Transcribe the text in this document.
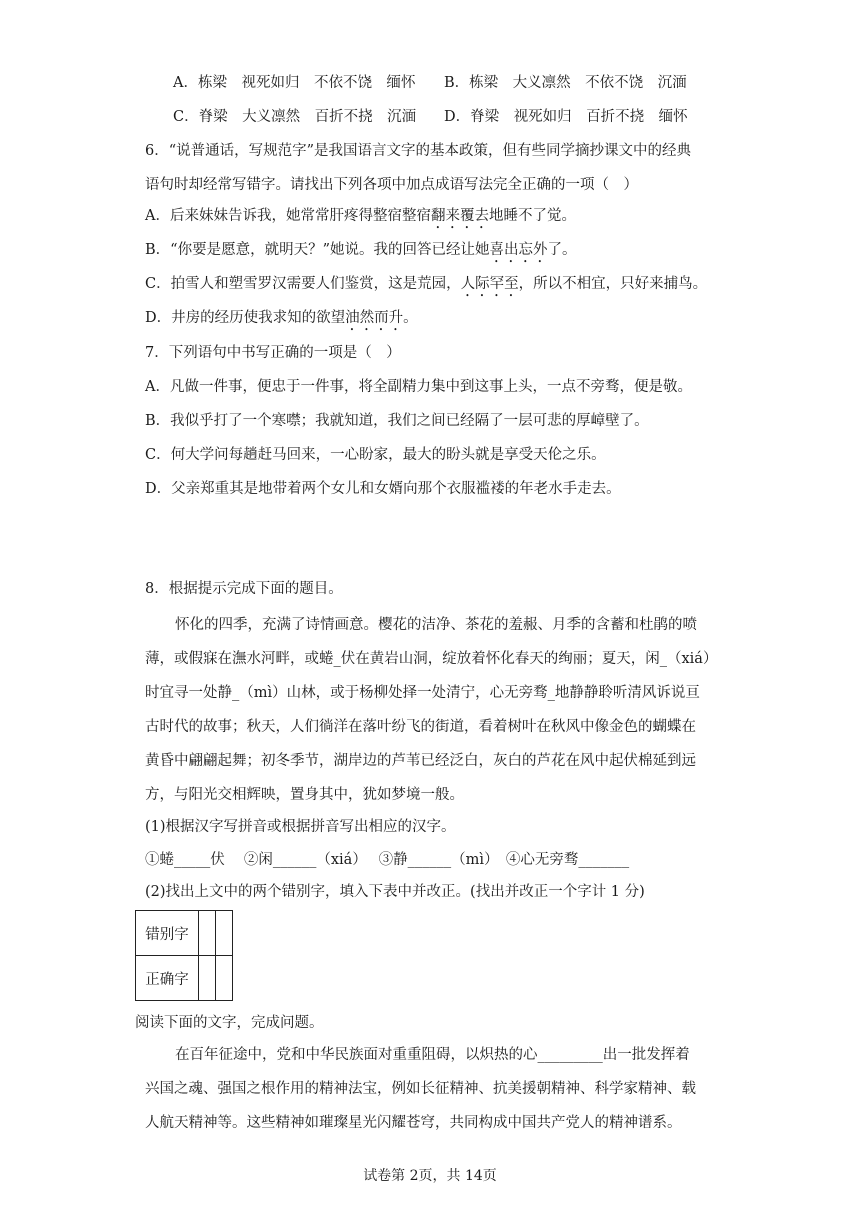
A．栋梁　视死如归　不依不饶　缅怀 B．栋梁　大义凛然　不依不饶　沉湎
C．脊梁　大义凛然　百折不挠　沉湎 D．脊梁　视死如归　百折不挠　缅怀
6．“说普通话，写规范字”是我国语言文字的基本政策，但有些同学摘抄课文中的经典
语句时却经常写错字。请找出下列各项中加点成语写法完全正确的一项（　）
A．后来妹妹告诉我，她常常肝疼得整宿整宿翻来覆去地睡不了觉。
B．“你要是愿意，就明天？”她说。我的回答已经让她喜出忘外了。
C．拍雪人和塑雪罗汉需要人们鉴赏，这是荒园，人际罕至，所以不相宜，只好来捕鸟。
D．井房的经历使我求知的欲望油然而升。
7．下列语句中书写正确的一项是（　）
A．凡做一件事，便忠于一件事，将全副精力集中到这事上头，一点不旁骛，便是敬。
B．我似乎打了一个寒噤；我就知道，我们之间已经隔了一层可悲的厚嶂壁了。
C．何大学问每趟赶马回来，一心盼家，最大的盼头就是享受天伦之乐。
D．父亲郑重其是地带着两个女儿和女婿向那个衣服褴褛的年老水手走去。
8．根据提示完成下面的题目。
怀化的四季，充满了诗情画意。樱花的洁净、茶花的羞赧、月季的含蓄和杜鹃的喷
薄，或假寐在潕水河畔，或蜷_伏在黄岩山洞，绽放着怀化春天的绚丽；夏天，闲_（xiá）
时宜寻一处静_（mì）山林，或于杨柳处择一处清宁，心无旁骛_地静静聆听清风诉说亘
古时代的故事；秋天，人们徜洋在落叶纷飞的街道，看着树叶在秋风中像金色的蝴蝶在
黄昏中翩翩起舞；初冬季节，湖岸边的芦苇已经泛白，灰白的芦花在风中起伏棉延到远
方，与阳光交相辉映，置身其中，犹如梦境一般。
(1)根据汉字写拼音或根据拼音写出相应的汉字。
①蜷_____伏　 ②闲______（xiá）　 ③静______（mì）　④心无旁骛_______
(2)找出上文中的两个错别字，填入下表中并改正。(找出并改正一个字计 1 分)
错别字		
正确字		
阅读下面的文字，完成问题。
在百年征途中，党和中华民族面对重重阻碍，以炽热的心_________出一批发挥着
兴国之魂、强国之根作用的精神法宝，例如长征精神、抗美援朝精神、科学家精神、载
人航天精神等。这些精神如璀璨星光闪耀苍穹，共同构成中国共产党人的精神谱系。
试卷第 2页，共 14页
